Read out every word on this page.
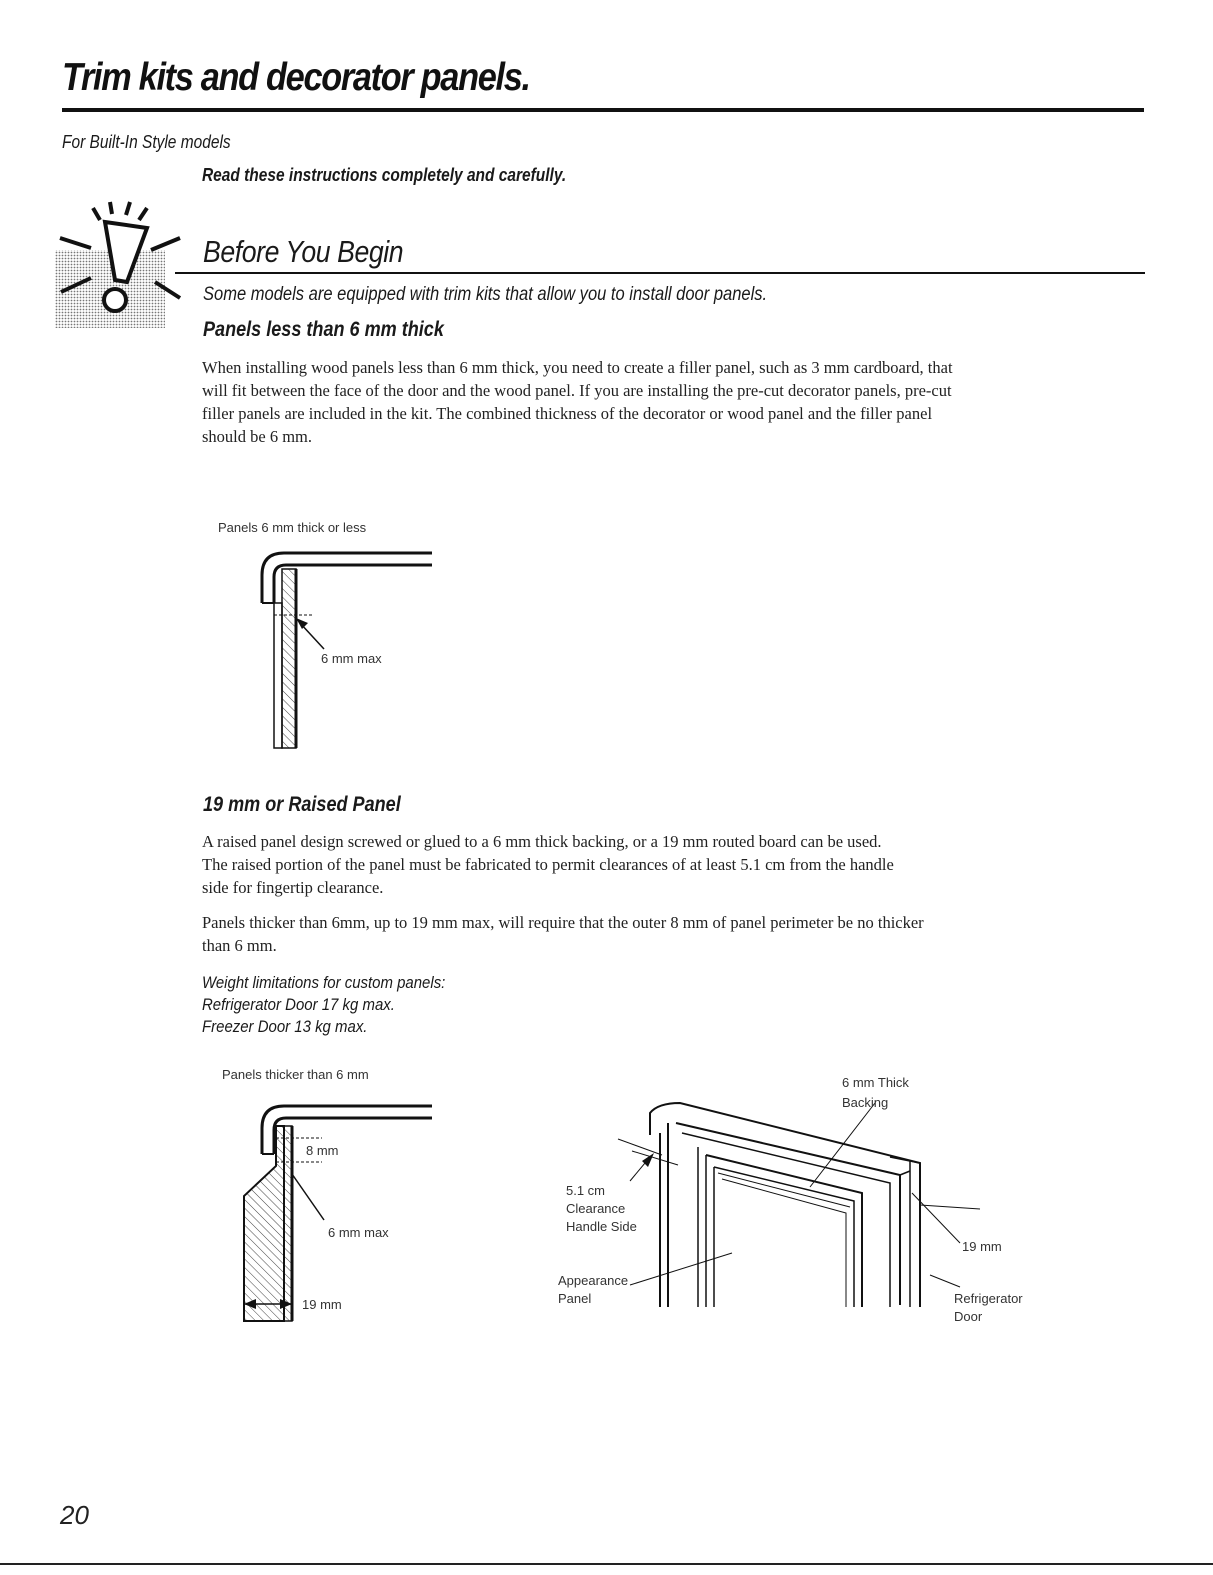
Trim kits and decorator panels.
For Built-In Style models
Read these instructions completely and carefully.
Before You Begin
Some models are equipped with trim kits that allow you to install door panels.
Panels less than 6 mm thick
When installing wood panels less than 6 mm thick, you need to create a filler panel, such as 3 mm cardboard, that
will fit between the face of the door and the wood panel. If you are installing the pre-cut decorator panels, pre-cut
filler panels are included in the kit. The combined thickness of the decorator or wood panel and the filler panel
should be 6 mm.
Panels 6 mm thick or less
6 mm max
19 mm or Raised Panel
A raised panel design screwed or glued to a 6 mm thick backing, or a 19 mm routed board can be used.
The raised portion of the panel must be fabricated to permit clearances of at least 5.1 cm from the handle
side for fingertip clearance.
Panels thicker than 6mm, up to 19 mm max, will require that the outer 8 mm of panel perimeter be no thicker
than 6 mm.
Weight limitations for custom panels:
Refrigerator Door 17 kg max.
Freezer Door 13 kg max.
Panels thicker than 6 mm
8 mm
6 mm max
19 mm
6 mm Thick
Backing
5.1 cm
Clearance
Handle Side
Appearance
Panel
19 mm
Refrigerator
Door
20
